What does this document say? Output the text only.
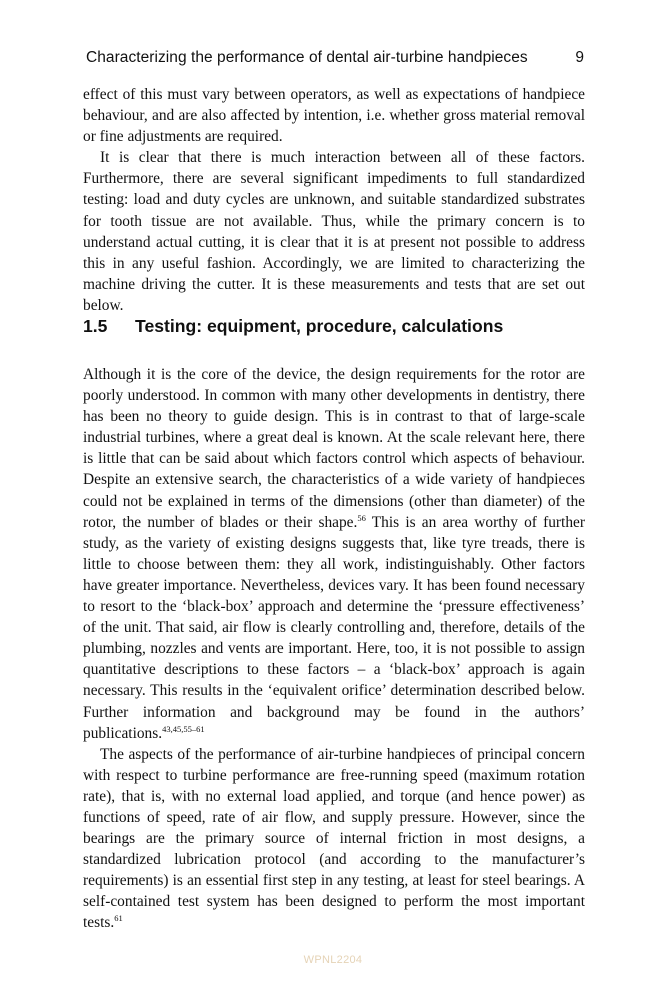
Characterizing the performance of dental air-turbine handpieces	9

effect of this must vary between operators, as well as expectations of handpiece behaviour, and are also affected by intention, i.e. whether gross material removal or fine adjustments are required.

It is clear that there is much interaction between all of these factors. Furthermore, there are several significant impediments to full standardized testing: load and duty cycles are unknown, and suitable standardized substrates for tooth tissue are not available. Thus, while the primary concern is to understand actual cutting, it is clear that it is at present not possible to address this in any useful fashion. Accordingly, we are limited to characterizing the machine driving the cutter. It is these measurements and tests that are set out below.

1.5 Testing: equipment, procedure, calculations

Although it is the core of the device, the design requirements for the rotor are poorly understood. In common with many other developments in dentistry, there has been no theory to guide design. This is in contrast to that of large-scale industrial turbines, where a great deal is known. At the scale relevant here, there is little that can be said about which factors control which aspects of behaviour. Despite an extensive search, the characteristics of a wide variety of handpieces could not be explained in terms of the dimensions (other than diameter) of the rotor, the number of blades or their shape.$^{56}$ This is an area worthy of further study, as the variety of existing designs suggests that, like tyre treads, there is little to choose between them: they all work, indistinguishably. Other factors have greater importance. Nevertheless, devices vary. It has been found necessary to resort to the ‘black-box’ approach and determine the ‘pressure effectiveness’ of the unit. That said, air flow is clearly controlling and, therefore, details of the plumbing, nozzles and vents are important. Here, too, it is not possible to assign quantitative descriptions to these factors – a ‘black-box’ approach is again necessary. This results in the ‘equivalent orifice’ determination described below. Further information and background may be found in the authors’ publications.$^{43,45,55-61}$

The aspects of the performance of air-turbine handpieces of principal concern with respect to turbine performance are free-running speed (maximum rotation rate), that is, with no external load applied, and torque (and hence power) as functions of speed, rate of air flow, and supply pressure. However, since the bearings are the primary source of internal friction in most designs, a standardized lubrication protocol (and according to the manufacturer’s requirements) is an essential first step in any testing, at least for steel bearings. A self-contained test system has been designed to perform the most important tests.$^{61}$

WPNL2204
